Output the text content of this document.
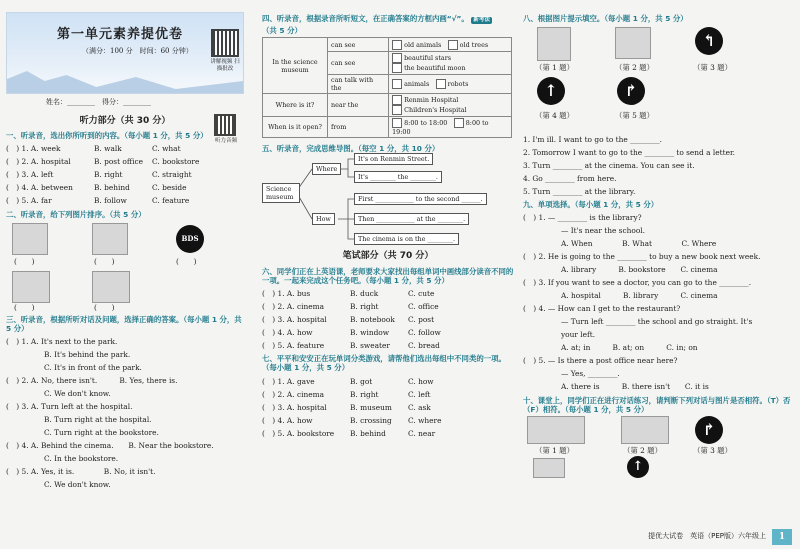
第一单元素养提优卷
（满分：100 分　时间：60 分钟）
讲解视频 扫描批改
姓名：________　得分：________
听力部分（共 30 分）
听力音频
一、听录音，选出你所听到的内容。（每小题 1 分，共 5 分）
(　) 1. A. week	B. walk	C. what
(　) 2. A. hospital	B. post office	C. bookstore
(　) 3. A. left	B. right	C. straight
(　) 4. A. between	B. behind	C. beside
(　) 5. A. far	B. follow	C. feature
二、听录音，给下列图片排序。（共 5 分）
BDS
(　　)	(　　)	(　　)
(　　)	(　　)
三、听录音，根据所听对话及问题，选择正确的答案。（每小题 1 分，共 5 分）
(　) 1. A. It's next to the park.
B. It's behind the park.
C. It's in front of the park.
(　) 2. A. No, there isn't.　　　B. Yes, there is.
C. We don't know.
(　) 3. A. Turn left at the hospital.
B. Turn right at the hospital.
C. Turn right at the bookstore.
(　) 4. A. Behind the cinema.　　B. Near the bookstore.
C. In the bookstore.
(　) 5. A. Yes, it is.　　　　B. No, it isn't.
C. We don't know.
四、听录音，根据录音所听短文，在正确答案的方框内画“√”。 新考法
（共 5 分）
In the science museum	can see	old animals　 old trees
	can see	beautiful stars
the beautiful moon
	can talk with the	animals　 robots
Where is it?	near the	Renmin Hospital
Children's Hospital
When is it open?	from	8:00 to 18:00　 8:00 to 19:00
五、听录音，完成思维导图。（每空 1 分，共 10 分）
Science museum
Where
How
It's on Renmin Street.
It's ________ the ________.
First ____________ to the second ______.
Then ____________ at the ________.
The cinema is on the ________.
笔试部分（共 70 分）
六、同学们正在上英语课，老师要求大家找出每组单词中画线部分读音不同的一项。一起来完成这个任务吧。（每小题 1 分，共 5 分）
(　) 1. A. bus	B. duck	C. cute
(　) 2. A. cinema	B. right	C. office
(　) 3. A. hospital	B. notebook	C. post
(　) 4. A. how	B. window	C. follow
(　) 5. A. feature	B. sweater	C. bread
七、平平和安安正在玩单词分类游戏，请帮他们选出每组中不同类的一项。（每小题 1 分，共 5 分）
(　) 1. A. gave	B. got	C. how
(　) 2. A. cinema	B. right	C. left
(　) 3. A. hospital	B. museum	C. ask
(　) 4. A. how	B. crossing	C. where
(　) 5. A. bookstore	B. behind	C. near
八、根据图片提示填空。（每小题 1 分，共 5 分）
↰
（第 1 题）	（第 2 题）	（第 3 题）
↑	↱
（第 4 题）	（第 5 题）
1. I'm ill. I want to go to the ________.
2. Tomorrow I want to go to the ________ to send a letter.
3. Turn ________ at the cinema. You can see it.
4. Go ________ from here.
5. Turn ________ at the library.
九、单项选择。（每小题 1 分，共 5 分）
(　) 1. — ________ is the library?
— It's near the school.
A. When　　　　B. What　　　　C. Where
(　) 2. He is going to the ________ to buy a new book next week.
A. library　　　B. bookstore　　C. cinema
(　) 3. If you want to see a doctor, you can go to the ________.
A. hospital　　　B. library　　　C. cinema
(　) 4. — How can I get to the restaurant?
— Turn left ________ the school and go straight. It's
your left.
A. at; in　　　B. at; on　　　C. in; on
(　) 5. — Is there a post office near here?
— Yes, ________.
A. there is　　　B. there isn't　　C. it is
十、课堂上，同学们正在进行对话练习，请判断下列对话与图片是否相符。（T）否（F）相符。（每小题 1 分，共 5 分）
↱
（第 1 题）	（第 2 题）	（第 3 题）
↑
提优大试卷　英语（PEP版）六年级上	1
